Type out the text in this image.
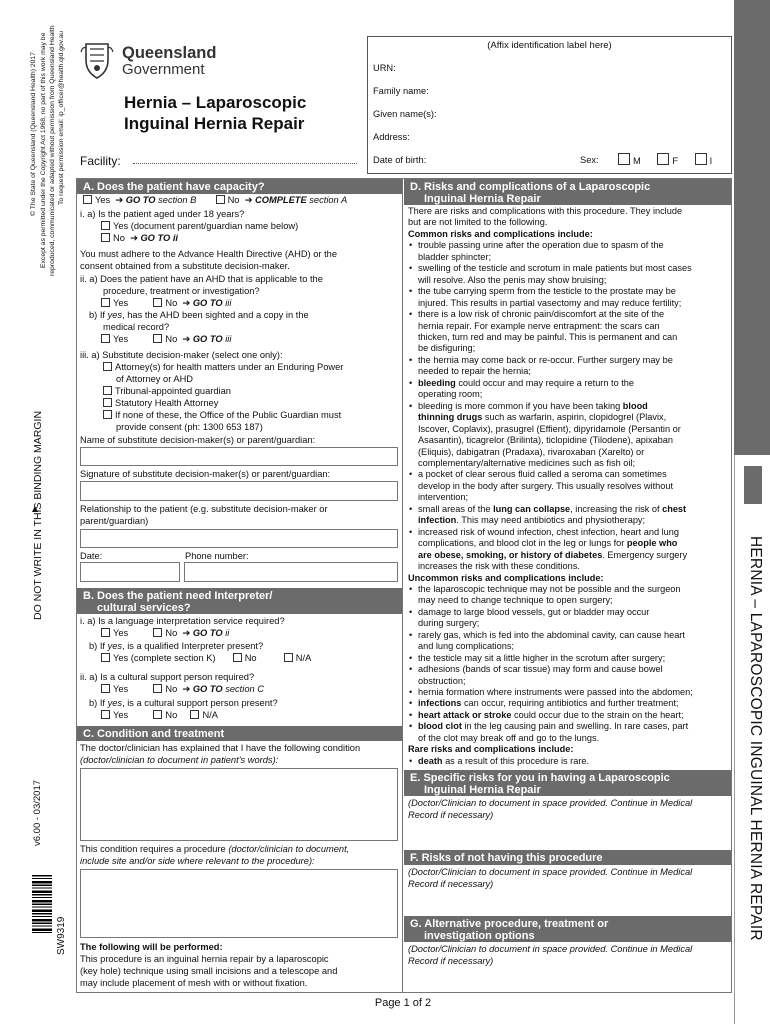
HERNIA – LAPAROSCOPIC INGUINAL HERNIA REPAIR
© The State of Queensland (Queensland Health) 2017 Except as permitted under the Copyright Act 1968, no part of this work may be reproduced, communicated or adapted without permission from Queensland Health To request permission email: ip_officer@health.qld.gov.au
DO NOT WRITE IN THIS BINDING MARGIN
v6.00 - 03/2017
SW9319
Queensland
Government
Hernia – Laparoscopic
Inguinal Hernia Repair
Facility:
(Affix identification label here)
URN:
Family name:
Given name(s):
Address:
Date of birth:	Sex:	M	F	I
A. Does the patient have capacity?
Yes  ➔ GO TO section B	No  ➔ COMPLETE section A
i. a) Is the patient aged under 18 years?
Yes (document parent/guardian name below)
No  ➔ GO TO ii
You must adhere to the Advance Health Directive (AHD) or the
consent obtained from a substitute decision-maker.
ii. a) Does the patient have an AHD that is applicable to the
procedure, treatment or investigation?
Yes	No  ➔ GO TO iii
b) If yes, has the AHD been sighted and a copy in the
medical record?
Yes	No  ➔ GO TO iii
iii. a) Substitute decision-maker (select one only):
Attorney(s) for health matters under an Enduring Power
of Attorney or AHD
Tribunal-appointed guardian
Statutory Health Attorney
If none of these, the Office of the Public Guardian must
provide consent (ph: 1300 653 187)
Name of substitute decision-maker(s) or parent/guardian:
Signature of substitute decision-maker(s) or parent/guardian:
Relationship to the patient (e.g. substitute decision-maker or
parent/guardian)
Date:	Phone number:
B. Does the patient need Interpreter/
cultural services?
i. a) Is a language interpretation service required?
Yes	No  ➔ GO TO ii
b) If yes, is a qualified Interpreter present?
Yes (complete section K)	No	N/A
ii. a) Is a cultural support person required?
Yes	No  ➔ GO TO section C
b) If yes, is a cultural support person present?
Yes	No	N/A
C. Condition and treatment
The doctor/clinician has explained that I have the following condition
(doctor/clinician to document in patient’s words):
This condition requires a procedure (doctor/clinician to document,
include site and/or side where relevant to the procedure):
The following will be performed:
This procedure is an inguinal hernia repair by a laparoscopic
(key hole) technique using small incisions and a telescope and
may include placement of mesh with or without fixation.
D. Risks and complications of a Laparoscopic
Inguinal Hernia Repair
There are risks and complications with this procedure. They include
but are not limited to the following.
Common risks and complications include:
• trouble passing urine after the operation due to spasm of the
bladder sphincter;
• swelling of the testicle and scrotum in male patients but most cases
will resolve. Also the penis may show bruising;
• the tube carrying sperm from the testicle to the prostate may be
injured. This results in partial vasectomy and may reduce fertility;
• there is a low risk of chronic pain/discomfort at the site of the
hernia repair. For example nerve entrapment: the scars can
thicken, turn red and may be painful. This is permanent and can
be disfiguring;
• the hernia may come back or re-occur. Further surgery may be
needed to repair the hernia;
• bleeding could occur and may require a return to the
operating room;
• bleeding is more common if you have been taking blood
thinning drugs such as warfarin, aspirin, clopidogrel (Plavix,
Iscover, Coplavix), prasugrel (Effient), dipyridamole (Persantin or
Asasantin), ticagrelor (Brilinta), ticlopidine (Tilodene), apixaban
(Eliquis), dabigatran (Pradaxa), rivaroxaban (Xarelto) or
complementary/alternative medicines such as fish oil;
• a pocket of clear serous fluid called a seroma can sometimes
develop in the body after surgery. This usually resolves without
intervention;
• small areas of the lung can collapse, increasing the risk of chest
infection. This may need antibiotics and physiotherapy;
• increased risk of wound infection, chest infection, heart and lung
complications, and blood clot in the leg or lungs for people who
are obese, smoking, or history of diabetes. Emergency surgery
increases the risk with these conditions.
Uncommon risks and complications include:
• the laparoscopic technique may not be possible and the surgeon
may need to change technique to open surgery;
• damage to large blood vessels, gut or bladder may occur
during surgery;
• rarely gas, which is fed into the abdominal cavity, can cause heart
and lung complications;
• the testicle may sit a little higher in the scrotum after surgery;
• adhesions (bands of scar tissue) may form and cause bowel
obstruction;
• hernia formation where instruments were passed into the abdomen;
• infections can occur, requiring antibiotics and further treatment;
• heart attack or stroke could occur due to the strain on the heart;
• blood clot in the leg causing pain and swelling. In rare cases, part
of the clot may break off and go to the lungs.
Rare risks and complications include:
• death as a result of this procedure is rare.
E. Specific risks for you in having a Laparoscopic
Inguinal Hernia Repair
(Doctor/Clinician to document in space provided. Continue in Medical
Record if necessary)
F. Risks of not having this procedure
(Doctor/Clinician to document in space provided. Continue in Medical
Record if necessary)
G. Alternative procedure, treatment or
investigation options
(Doctor/Clinician to document in space provided. Continue in Medical
Record if necessary)
Page 1 of 2
